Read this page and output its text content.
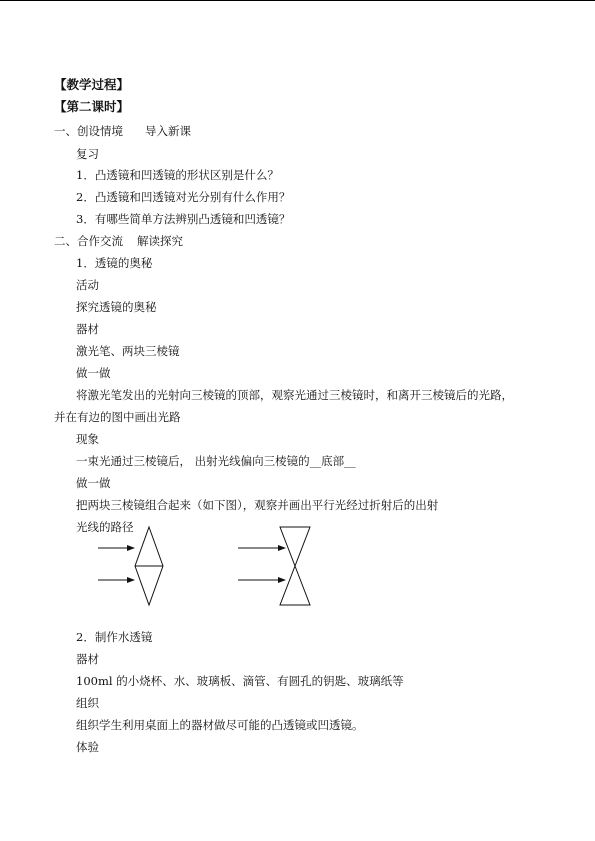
【教学过程】
【第二课时】
一、创设情境 导入新课
复习
1．凸透镜和凹透镜的形状区别是什么？
2．凸透镜和凹透镜对光分别有什么作用？
3．有哪些简单方法辨别凸透镜和凹透镜？
二、合作交流 解读探究
1．透镜的奥秘
活动
探究透镜的奥秘
器材
激光笔、两块三棱镜
做一做
将激光笔发出的光射向三棱镜的顶部，观察光通过三棱镜时，和离开三棱镜后的光路，
并在有边的图中画出光路
现象
一束光通过三棱镜后， 出射光线偏向三棱镜的__底部__
做一做
把两块三棱镜组合起来（如下图），观察并画出平行光经过折射后的出射
光线的路径
2．制作水透镜
器材
100ml 的小烧杯、水、玻璃板、滴管、有圆孔的钥匙、玻璃纸等
组织
组织学生利用桌面上的器材做尽可能的凸透镜或凹透镜。
体验
